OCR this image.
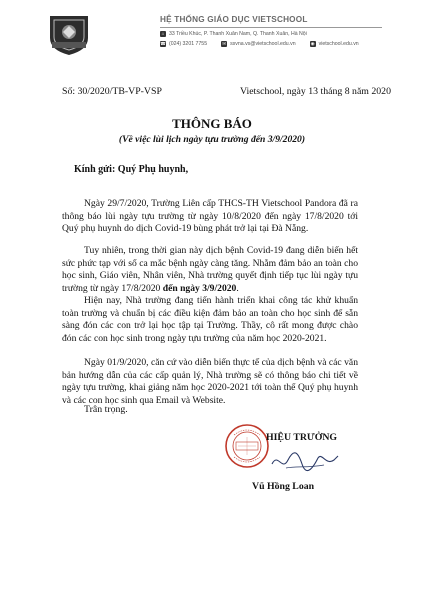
HỆ THỐNG GIÁO DỤC VIETSCHOOL
⌂ 33 Triều Khúc, P. Thanh Xuân Nam, Q. Thanh Xuân, Hà Nội
☎ (024) 3201 7755	✉ ssvna.vs@vietschool.edu.vn	◉ vietschool.edu.vn
Số: 30/2020/TB-VP-VSP	Vietschool, ngày 13 tháng 8 năm 2020
THÔNG BÁO
(Về việc lùi lịch ngày tựu trường đến 3/9/2020)
Kính gửi: Quý Phụ huynh,

Ngày 29/7/2020, Trường Liên cấp THCS-TH Vietschool Pandora đã ra thông báo lùi ngày tựu trường từ ngày 10/8/2020 đến ngày 17/8/2020 tới Quý phụ huynh do dịch Covid-19 bùng phát trở lại tại Đà Nẵng.

Tuy nhiên, trong thời gian này dịch bệnh Covid-19 đang diễn biến hết sức phức tạp với số ca mắc bệnh ngày càng tăng. Nhằm đảm bảo an toàn cho học sinh, Giáo viên, Nhân viên, Nhà trường quyết định tiếp tục lùi ngày tựu trường từ ngày 17/8/2020 đến ngày 3/9/2020.

Hiện nay, Nhà trường đang tiến hành triển khai công tác khử khuẩn toàn trường và chuẩn bị các điều kiện đảm bảo an toàn cho học sinh để sẵn sàng đón các con trở lại học tập tại Trường. Thầy, cô rất mong được chào đón các con học sinh trong ngày tựu trường của năm học 2020-2021.

Ngày 01/9/2020, căn cứ vào diễn biến thực tế của dịch bệnh và các văn bản hướng dẫn của các cấp quản lý, Nhà trường sẽ có thông báo chi tiết về ngày tựu trường, khai giảng năm học 2020-2021 tới toàn thể Quý phụ huynh và các con học sinh qua Email và Website.

Trân trọng.
HIỆU TRƯỞNG
Vũ Hồng Loan
